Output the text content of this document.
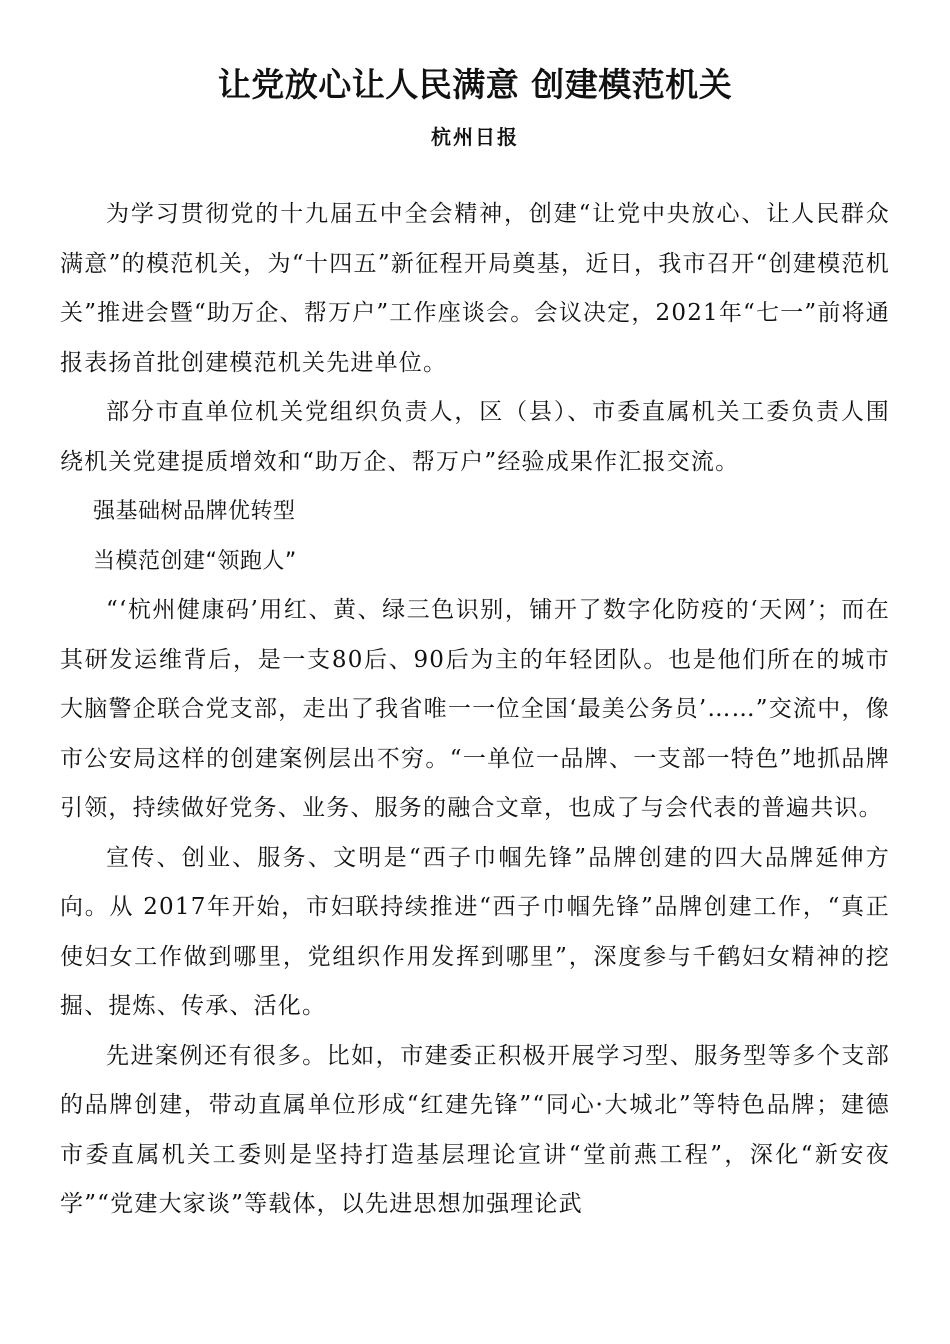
让党放心让人民满意 创建模范机关
杭州日报

为学习贯彻党的十九届五中全会精神，创建“让党中央放心、让人民群众满意”的模范机关，为“十四五”新征程开局奠基，近日，我市召开“创建模范机关”推进会暨“助万企、帮万户”工作座谈会。会议决定，2021年“七一”前将通报表扬首批创建模范机关先进单位。

部分市直单位机关党组织负责人，区（县）、市委直属机关工委负责人围绕机关党建提质增效和“助万企、帮万户”经验成果作汇报交流。

强基础树品牌优转型

当模范创建“领跑人”

“‘杭州健康码’用红、黄、绿三色识别，铺开了数字化防疫的‘天网’；而在其研发运维背后，是一支80后、90后为主的年轻团队。也是他们所在的城市大脑警企联合党支部，走出了我省唯一一位全国‘最美公务员’……”交流中，像市公安局这样的创建案例层出不穷。“一单位一品牌、一支部一特色”地抓品牌引领，持续做好党务、业务、服务的融合文章，也成了与会代表的普遍共识。

宣传、创业、服务、文明是“西子巾帼先锋”品牌创建的四大品牌延伸方向。从 2017年开始，市妇联持续推进“西子巾帼先锋”品牌创建工作，“真正使妇女工作做到哪里，党组织作用发挥到哪里”，深度参与千鹤妇女精神的挖掘、提炼、传承、活化。

先进案例还有很多。比如，市建委正积极开展学习型、服务型等多个支部的品牌创建，带动直属单位形成“红建先锋”“同心·大城北”等特色品牌；建德市委直属机关工委则是坚持打造基层理论宣讲“堂前燕工程”，深化“新安夜学”“党建大家谈”等载体，以先进思想加强理论武
